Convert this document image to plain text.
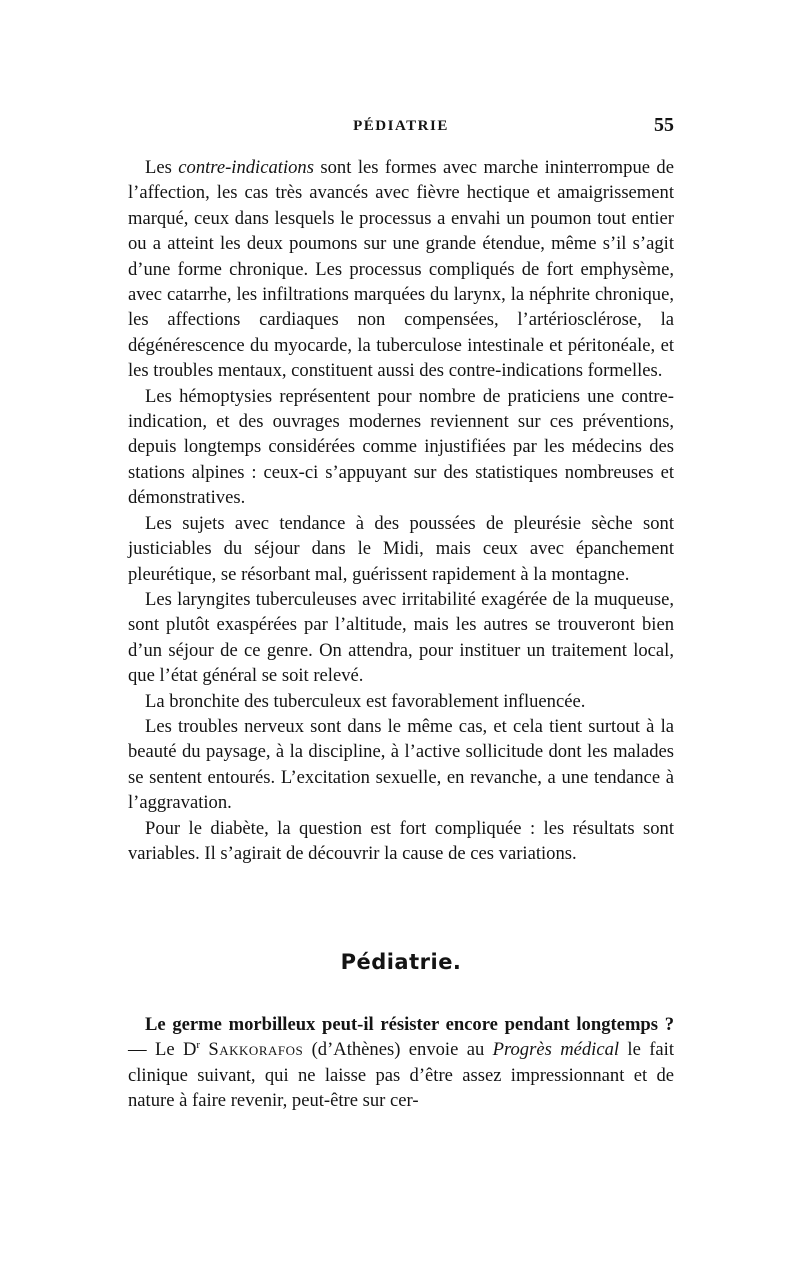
PÉDIATRIE	55

Les contre-indications sont les formes avec marche ininterrompue de l’affection, les cas très avancés avec fièvre hectique et amaigrissement marqué, ceux dans lesquels le processus a envahi un poumon tout entier ou a atteint les deux poumons sur une grande étendue, même s’il s’agit d’une forme chronique. Les processus compliqués de fort emphysème, avec catarrhe, les infiltrations marquées du larynx, la néphrite chronique, les affections cardiaques non compensées, l’artériosclérose, la dégénérescence du myocarde, la tuberculose intestinale et péritonéale, et les troubles mentaux, constituent aussi des contre-indications formelles.

Les hémoptysies représentent pour nombre de praticiens une contre-indication, et des ouvrages modernes reviennent sur ces préventions, depuis longtemps considérées comme injustifiées par les médecins des stations alpines : ceux-ci s’appuyant sur des statistiques nombreuses et démonstratives.

Les sujets avec tendance à des poussées de pleurésie sèche sont justiciables du séjour dans le Midi, mais ceux avec épanchement pleurétique, se résorbant mal, guérissent rapidement à la montagne.

Les laryngites tuberculeuses avec irritabilité exagérée de la muqueuse, sont plutôt exaspérées par l’altitude, mais les autres se trouveront bien d’un séjour de ce genre. On attendra, pour instituer un traitement local, que l’état général se soit relevé.

La bronchite des tuberculeux est favorablement influencée.

Les troubles nerveux sont dans le même cas, et cela tient surtout à la beauté du paysage, à la discipline, à l’active sollicitude dont les malades se sentent entourés. L’excitation sexuelle, en revanche, a une tendance à l’aggravation.

Pour le diabète, la question est fort compliquée : les résultats sont variables. Il s’agirait de découvrir la cause de ces variations.

Pédiatrie.

Le germe morbilleux peut-il résister encore pendant longtemps ? — Le $D^r$ Sakkorafos (d’Athènes) envoie au Progrès médical le fait clinique suivant, qui ne laisse pas d’être assez impressionnant et de nature à faire revenir, peut-être sur cer-
